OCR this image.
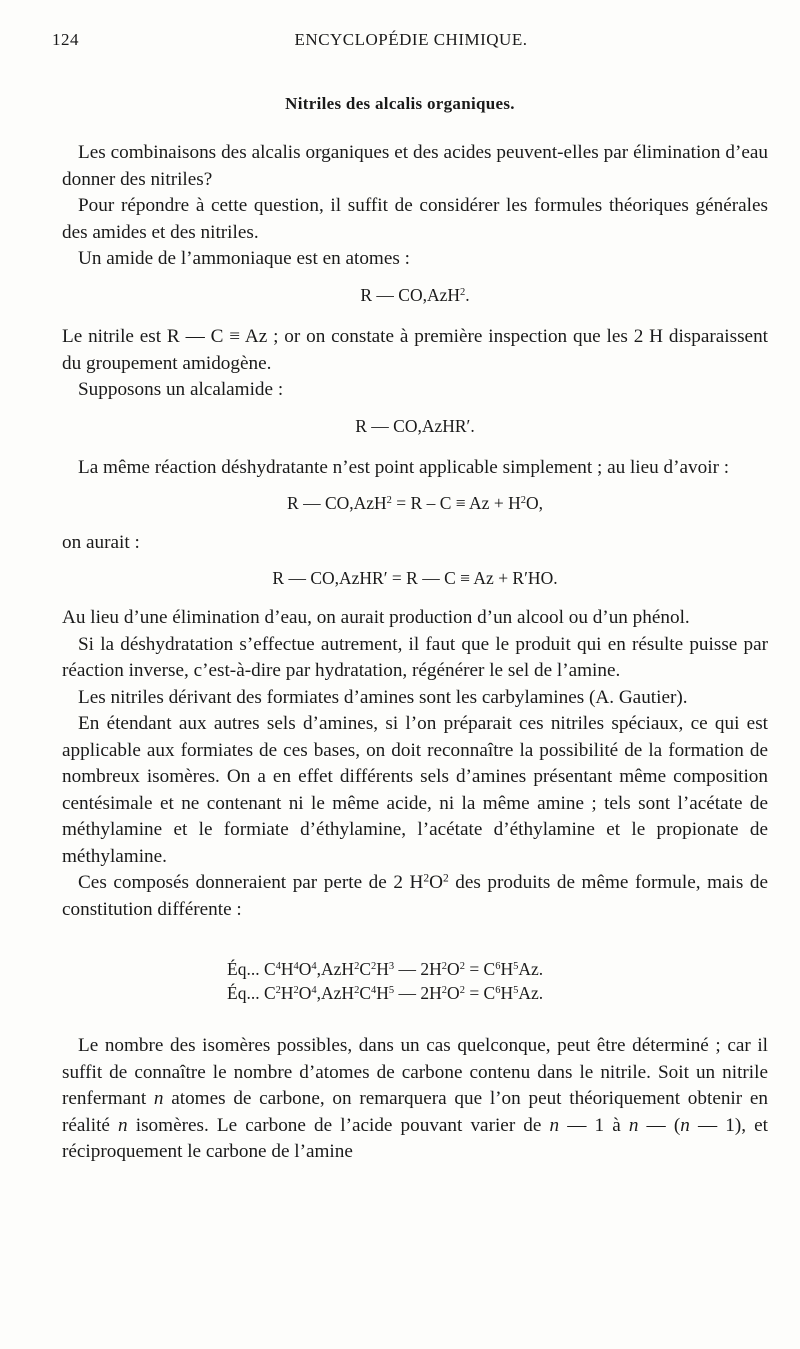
124	ENCYCLOPÉDIE CHIMIQUE.
Nitriles des alcalis organiques.

Les combinaisons des alcalis organiques et des acides peuvent-elles par élimination d’eau donner des nitriles?

Pour répondre à cette question, il suffit de considérer les formules théoriques générales des amides et des nitriles.

Un amide de l’ammoniaque est en atomes :

R — CO,AzH$^2$.

Le nitrile est R — C ≡ Az ; or on constate à première inspection que les 2 H disparaissent du groupement amidogène.

Supposons un alcalamide :

R — CO,AzHR′.

La même réaction déshydratante n’est point applicable simplement ; au lieu d’avoir :

R — $CO,AzH^2 = R - C \equiv Az + H^2O$,

on aurait :

R — CO,AzHR′ = R — C ≡ Az + R′HO.

Au lieu d’une élimination d’eau, on aurait production d’un alcool ou d’un phénol.

Si la déshydratation s’effectue autrement, il faut que le produit qui en résulte puisse par réaction inverse, c’est-à-dire par hydratation, régénérer le sel de l’amine.

Les nitriles dérivant des formiates d’amines sont les carbylamines (A. Gautier).

En étendant aux autres sels d’amines, si l’on préparait ces nitriles spéciaux, ce qui est applicable aux formiates de ces bases, on doit reconnaître la possibilité de la formation de nombreux isomères. On a en effet différents sels d’amines présentant même composition centésimale et ne contenant ni le même acide, ni la même amine ; tels sont l’acétate de méthylamine et le formiate d’éthylamine, l’acétate d’éthylamine et le propionate de méthylamine.

Ces composés donneraient par perte de 2 $H^2O^2$ des produits de même formule, mais de constitution différente :

Éq... $C^4H^4O^4,AzH^2C^2H^3$ — $2H^2O^2 = C^6H^5Az$.
Éq... $C^2H^2O^4,AzH^2C^4H^5$ — $2H^2O^2 = C^6H^5Az$.

Le nombre des isomères possibles, dans un cas quelconque, peut être déterminé ; car il suffit de connaître le nombre d’atomes de carbone contenu dans le nitrile. Soit un nitrile renfermant n atomes de carbone, on remarquera que l’on peut théoriquement obtenir en réalité n isomères. Le carbone de l’acide pouvant varier de n — 1 à n — (n — 1), et réciproquement le carbone de l’amine
